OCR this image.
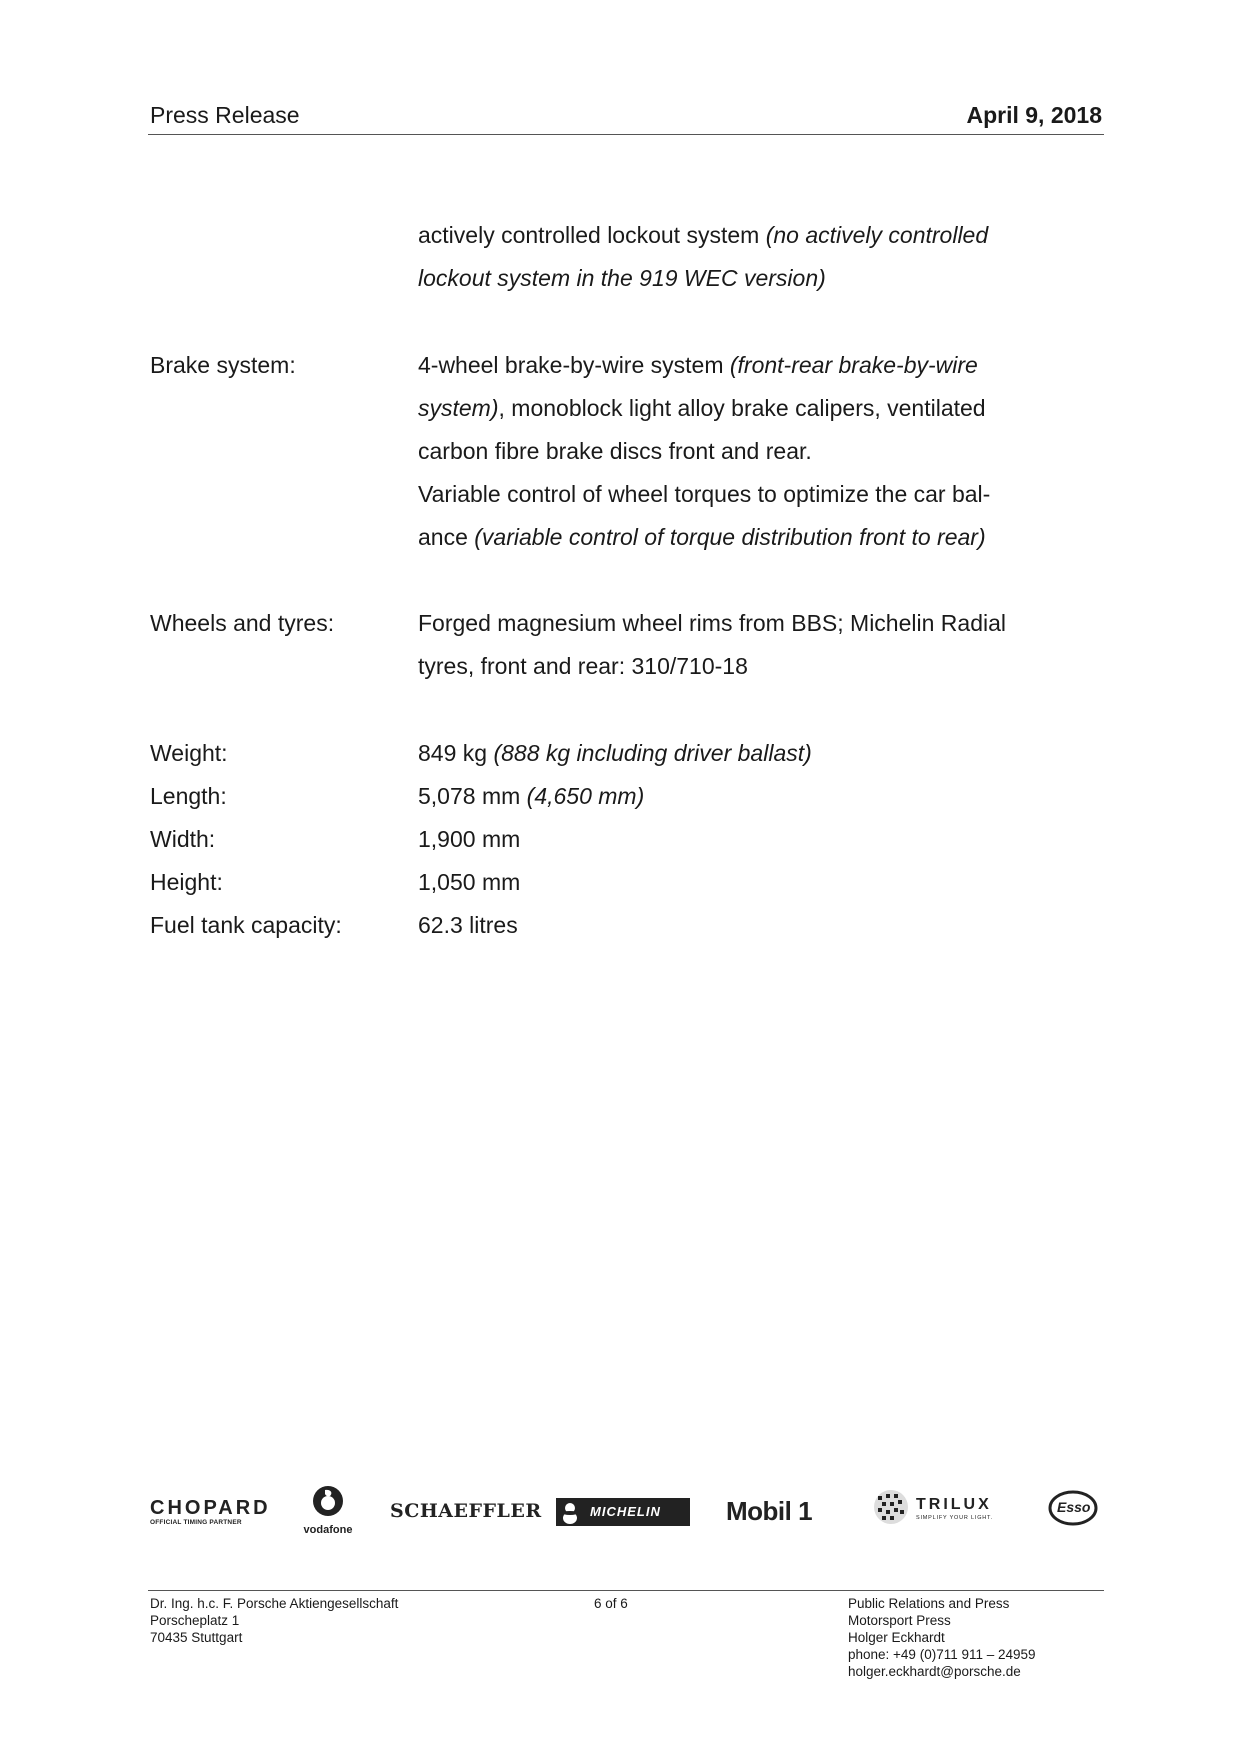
Press Release	April 9, 2018
actively controlled lockout system (no actively controlled
lockout system in the 919 WEC version)
Brake system:	4-wheel brake-by-wire system (front-rear brake-by-wire
system), monoblock light alloy brake calipers, ventilated
carbon fibre brake discs front and rear.
Variable control of wheel torques to optimize the car bal-
ance (variable control of torque distribution front to rear)
Wheels and tyres:	Forged magnesium wheel rims from BBS; Michelin Radial
tyres, front and rear: 310/710-18
Weight:	849 kg (888 kg including driver ballast)
Length:	5,078 mm (4,650 mm)
Width:	1,900 mm
Height:	1,050 mm
Fuel tank capacity:	62.3 litres
CHOPARD
OFFICIAL TIMING PARTNER
vodafone
SCHAEFFLER	MICHELIN	Mobil 1	TRILUX
SIMPLIFY YOUR LIGHT.
Esso
Dr. Ing. h.c. F. Porsche Aktiengesellschaft
Porscheplatz 1
70435 Stuttgart
6 of 6	Public Relations and Press
Motorsport Press
Holger Eckhardt
phone: +49 (0)711 911 – 24959
holger.eckhardt@porsche.de
